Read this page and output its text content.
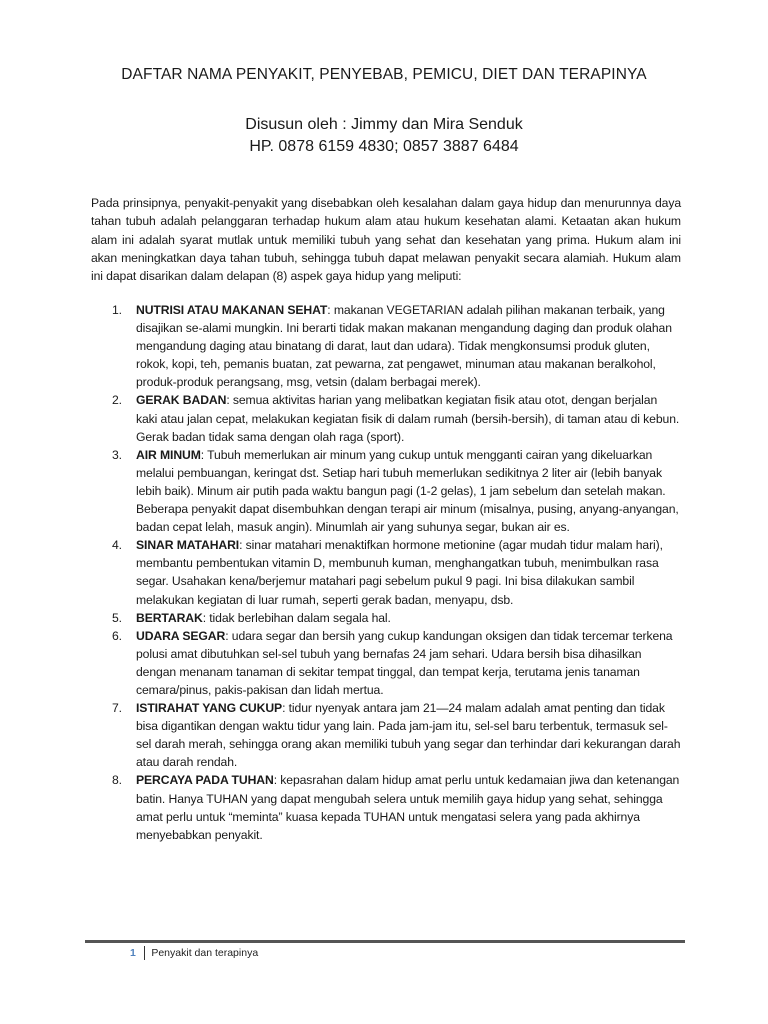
DAFTAR NAMA PENYAKIT, PENYEBAB, PEMICU, DIET DAN TERAPINYA
Disusun oleh : Jimmy dan Mira Senduk
HP. 0878 6159 4830; 0857 3887 6484

Pada prinsipnya, penyakit-penyakit yang disebabkan oleh kesalahan dalam gaya hidup dan menurunnya daya tahan tubuh adalah pelanggaran terhadap hukum alam atau hukum kesehatan alami. Ketaatan akan hukum alam ini adalah syarat mutlak untuk memiliki tubuh yang sehat dan kesehatan yang prima. Hukum alam ini akan meningkatkan daya tahan tubuh, sehingga tubuh dapat melawan penyakit secara alamiah. Hukum alam ini dapat disarikan dalam delapan (8) aspek gaya hidup yang meliputi:

1. NUTRISI ATAU MAKANAN SEHAT: makanan VEGETARIAN adalah pilihan makanan terbaik, yang disajikan se-alami mungkin. Ini berarti tidak makan makanan mengandung daging dan produk olahan mengandung daging atau binatang di darat, laut dan udara). Tidak mengkonsumsi produk gluten, rokok, kopi, teh, pemanis buatan, zat pewarna, zat pengawet, minuman atau makanan beralkohol, produk-produk perangsang, msg, vetsin (dalam berbagai merek).
2. GERAK BADAN: semua aktivitas harian yang melibatkan kegiatan fisik atau otot, dengan berjalan kaki atau jalan cepat, melakukan kegiatan fisik di dalam rumah (bersih-bersih), di taman atau di kebun. Gerak badan tidak sama dengan olah raga (sport).
3. AIR MINUM: Tubuh memerlukan air minum yang cukup untuk mengganti cairan yang dikeluarkan melalui pembuangan, keringat dst. Setiap hari tubuh memerlukan sedikitnya 2 liter air (lebih banyak lebih baik). Minum air putih pada waktu bangun pagi (1-2 gelas), 1 jam sebelum dan setelah makan. Beberapa penyakit dapat disembuhkan dengan terapi air minum (misalnya, pusing, anyang-anyangan, badan cepat lelah, masuk angin). Minumlah air yang suhunya segar, bukan air es.
4. SINAR MATAHARI: sinar matahari menaktifkan hormone metionine (agar mudah tidur malam hari), membantu pembentukan vitamin D, membunuh kuman, menghangatkan tubuh, menimbulkan rasa segar. Usahakan kena/berjemur matahari pagi sebelum pukul 9 pagi. Ini bisa dilakukan sambil melakukan kegiatan di luar rumah, seperti gerak badan, menyapu, dsb.
5. BERTARAK: tidak berlebihan dalam segala hal.
6. UDARA SEGAR: udara segar dan bersih yang cukup kandungan oksigen dan tidak tercemar terkena polusi amat dibutuhkan sel-sel tubuh yang bernafas 24 jam sehari. Udara bersih bisa dihasilkan dengan menanam tanaman di sekitar tempat tinggal, dan tempat kerja, terutama jenis tanaman cemara/pinus, pakis-pakisan dan lidah mertua.
7. ISTIRAHAT YANG CUKUP: tidur nyenyak antara jam 21—24 malam adalah amat penting dan tidak bisa digantikan dengan waktu tidur yang lain. Pada jam-jam itu, sel-sel baru terbentuk, termasuk sel-sel darah merah, sehingga orang akan memiliki tubuh yang segar dan terhindar dari kekurangan darah atau darah rendah.
8. PERCAYA PADA TUHAN: kepasrahan dalam hidup amat perlu untuk kedamaian jiwa dan ketenangan batin. Hanya TUHAN yang dapat mengubah selera untuk memilih gaya hidup yang sehat, sehingga amat perlu untuk “meminta” kuasa kepada TUHAN untuk mengatasi selera yang pada akhirnya menyebabkan penyakit.
1 Penyakit dan terapinya
